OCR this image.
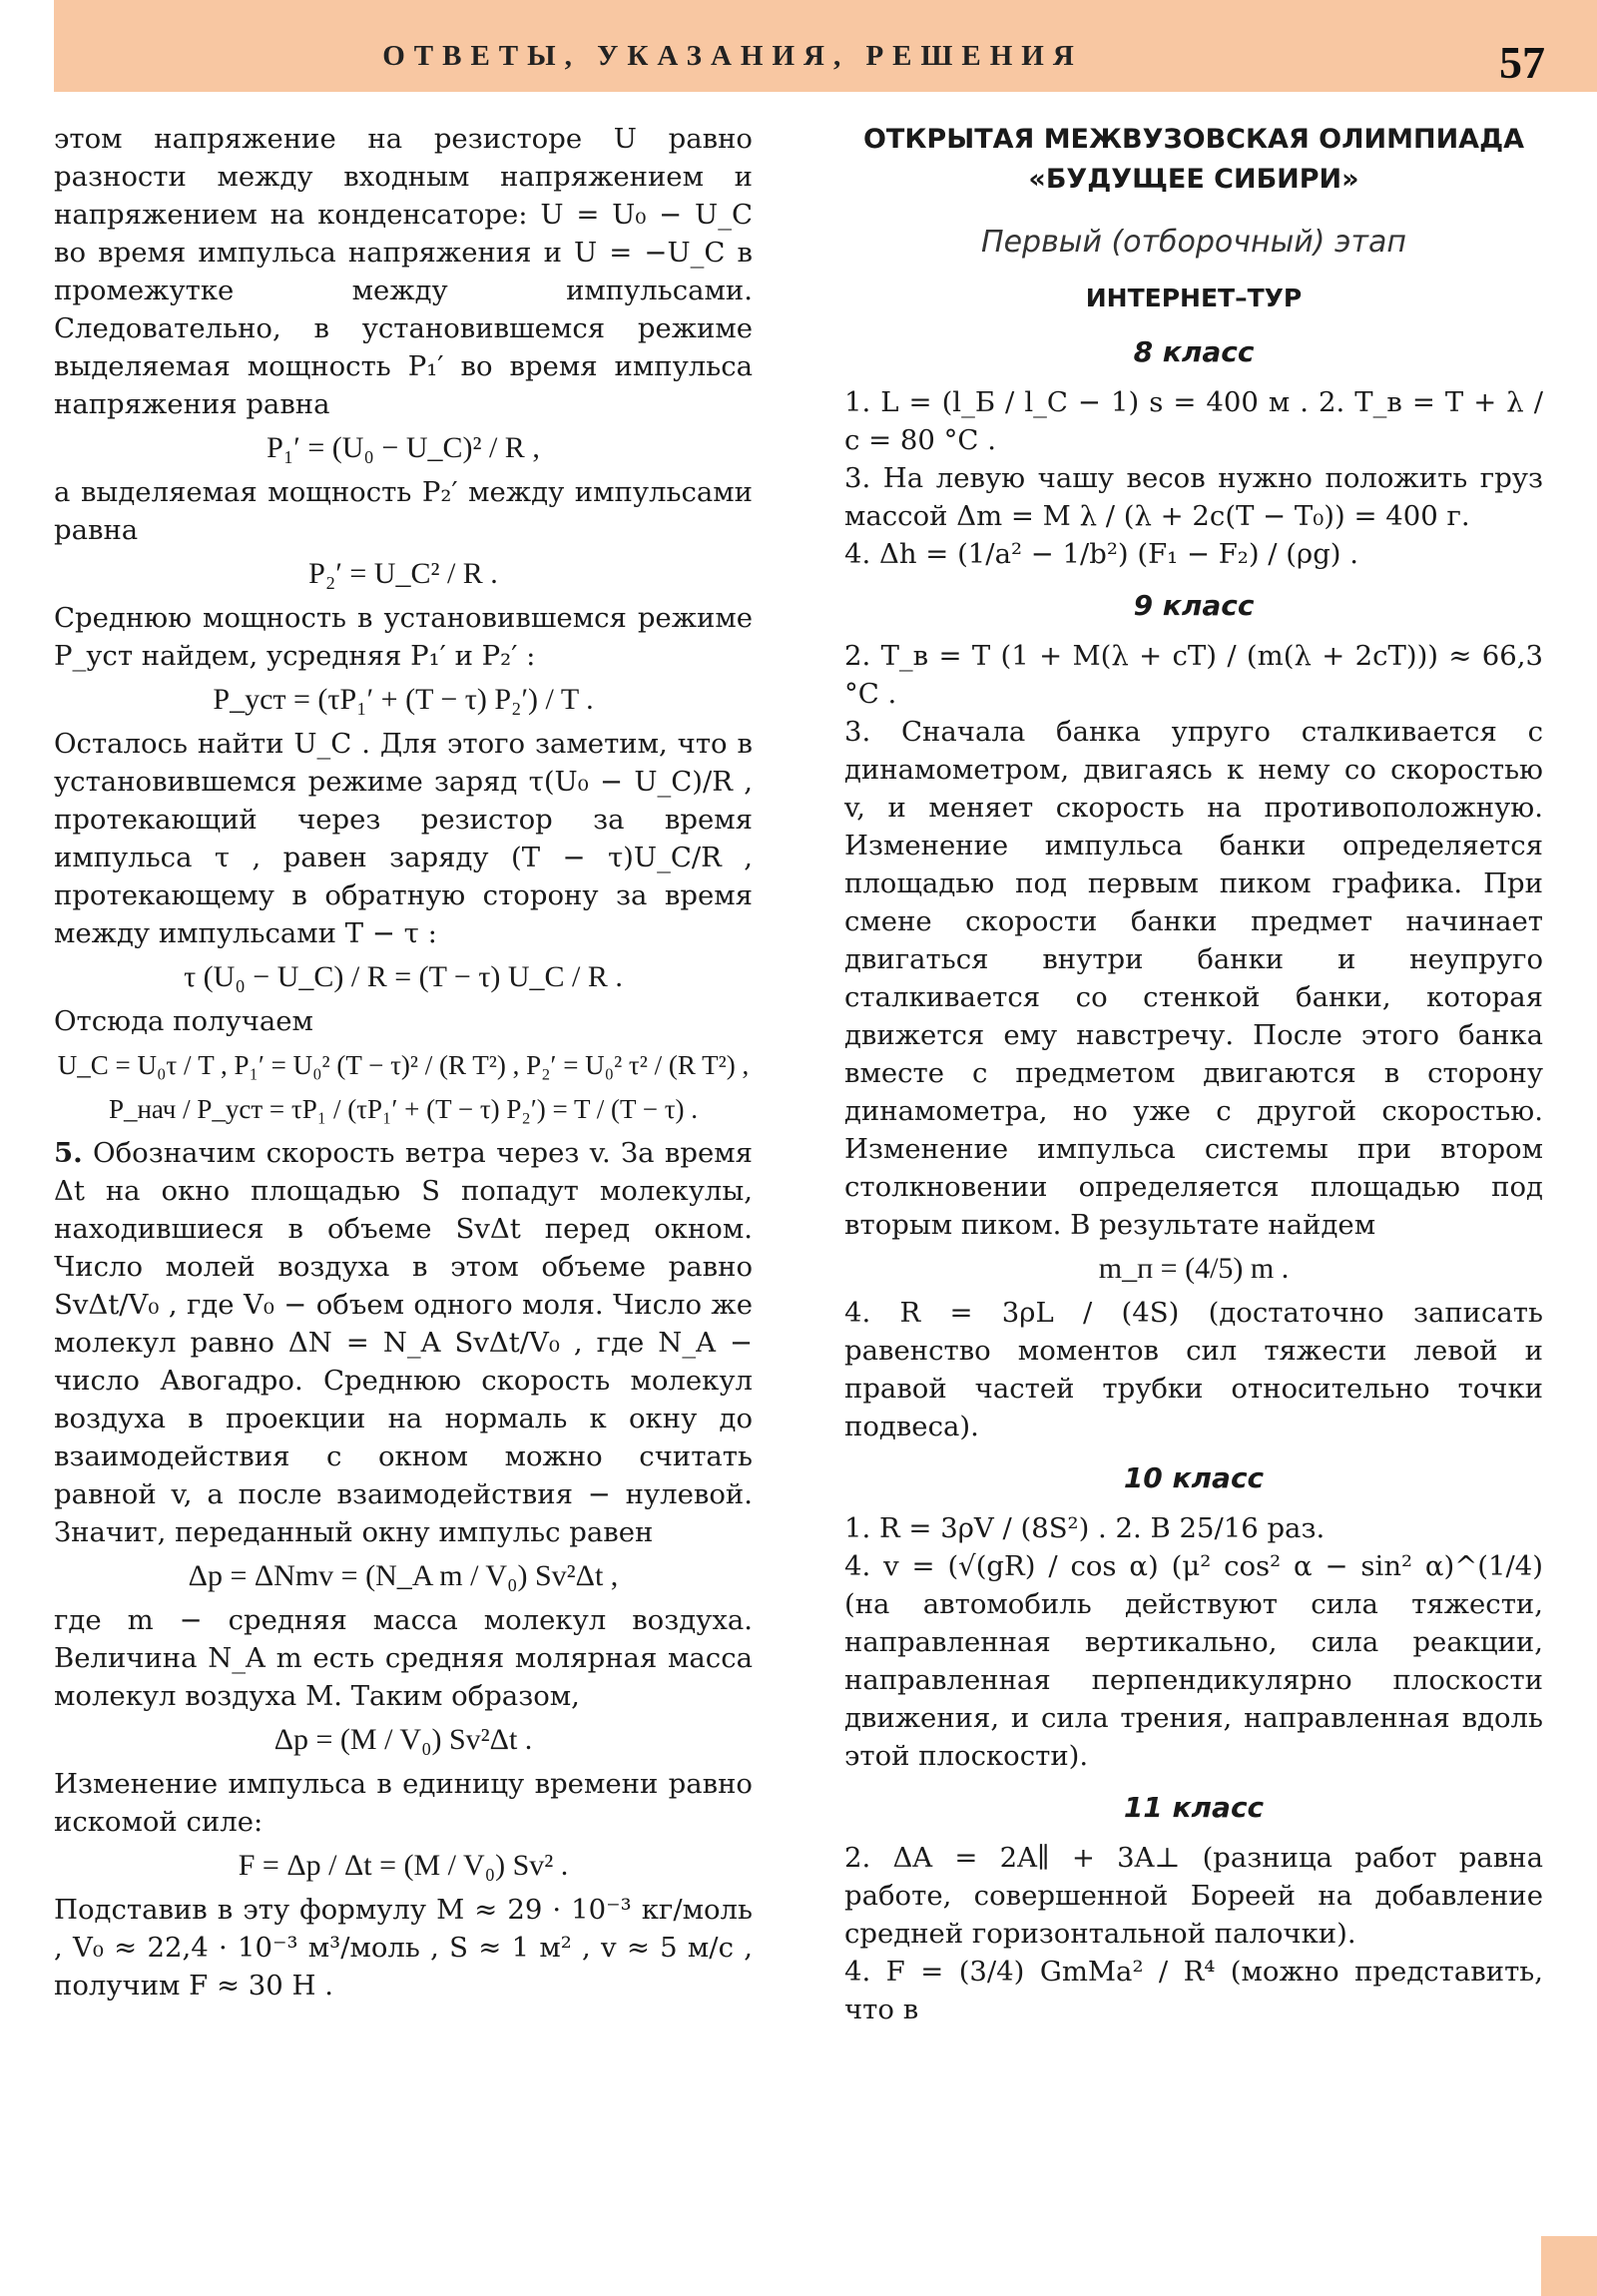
ОТВЕТЫ, УКАЗАНИЯ, РЕШЕНИЯ	57

этом напряжение на резисторе U равно разности между входным напряжением и напряжением на конденсаторе: U = U₀ − U_C во время импульса напряжения и U = −U_C в промежутке между импульсами. Следовательно, в установившемся режиме выделяемая мощность P₁′ во время импульса напряжения равна

P₁′ = (U₀ − U_C)² / R ,

а выделяемая мощность P₂′ между импульсами равна

P₂′ = U_C² / R .

Среднюю мощность в установившемся режиме P_уст найдем, усредняя P₁′ и P₂′ :

P_уст = (τP₁′ + (T − τ) P₂′) / T .

Осталось найти U_C . Для этого заметим, что в установившемся режиме заряд τ(U₀ − U_C)/R , протекающий через резистор за время импульса τ , равен заряду (T − τ)U_C/R , протекающему в обратную сторону за время между импульсами T − τ :

τ (U₀ − U_C) / R = (T − τ) U_C / R .

Отсюда получаем

U_C = U₀τ / T , P₁′ = U₀² (T − τ)² / (R T²) , P₂′ = U₀² τ² / (R T²) ,

P_нач / P_уст = τP₁ / (τP₁′ + (T − τ) P₂′) = T / (T − τ) .

5. Обозначим скорость ветра через v. За время Δt на окно площадью S попадут молекулы, находившиеся в объеме SvΔt перед окном. Число молей воздуха в этом объеме равно SvΔt/V₀ , где V₀ − объем одного моля. Число же молекул равно ΔN = N_A SvΔt/V₀ , где N_A − число Авогадро. Среднюю скорость молекул воздуха в проекции на нормаль к окну до взаимодействия с окном можно считать равной v, а после взаимодействия − нулевой. Значит, переданный окну импульс равен

Δp = ΔNmv = (N_A m / V₀) Sv²Δt ,

где m − средняя масса молекул воздуха. Величина N_A m есть средняя молярная масса молекул воздуха M. Таким образом,

Δp = (M / V₀) Sv²Δt .

Изменение импульса в единицу времени равно искомой силе:

F = Δp / Δt = (M / V₀) Sv² .

Подставив в эту формулу M ≈ 29 · 10⁻³ кг/моль , V₀ ≈ 22,4 · 10⁻³ м³/моль , S ≈ 1 м² , v ≈ 5 м/с , получим F ≈ 30 Н .

ОТКРЫТАЯ МЕЖВУЗОВСКАЯ ОЛИМПИАДА
«БУДУЩЕЕ СИБИРИ»
Первый (отборочный) этап
ИНТЕРНЕТ–ТУР
8 класс

1. L = (l_Б / l_C − 1) s = 400 м . 2. T_в = T + λ / c = 80 °C .

3. На левую чашу весов нужно положить груз массой Δm = M λ / (λ + 2c(T − T₀)) = 400 г.

4. Δh = (1/a² − 1/b²) (F₁ − F₂) / (ρg) .

9 класс

2. T_в = T (1 + M(λ + cT) / (m(λ + 2cT))) ≈ 66,3 °C .

3. Сначала банка упруго сталкивается с динамометром, двигаясь к нему со скоростью v, и меняет скорость на противоположную. Изменение импульса банки определяется площадью под первым пиком графика. При смене скорости банки предмет начинает двигаться внутри банки и неупруго сталкивается со стенкой банки, которая движется ему навстречу. После этого банка вместе с предметом двигаются в сторону динамометра, но уже с другой скоростью. Изменение импульса системы при втором столкновении определяется площадью под вторым пиком. В результате найдем

m_п = (4/5) m .

4. R = 3ρL / (4S) (достаточно записать равенство моментов сил тяжести левой и правой частей трубки относительно точки подвеса).

10 класс

1. R = 3ρV / (8S²) . 2. В 25/16 раз.

4. v = (√(gR) / cos α) (μ² cos² α − sin² α)^(1/4) (на автомобиль действуют сила тяжести, направленная вертикально, сила реакции, направленная перпендикулярно плоскости движения, и сила трения, направленная вдоль этой плоскости).

11 класс

2. ΔA = 2A∥ + 3A⊥ (разница работ равна работе, совершенной Бореей на добавление средней горизонтальной палочки).

4. F = (3/4) GmMa² / R⁴ (можно представить, что в
